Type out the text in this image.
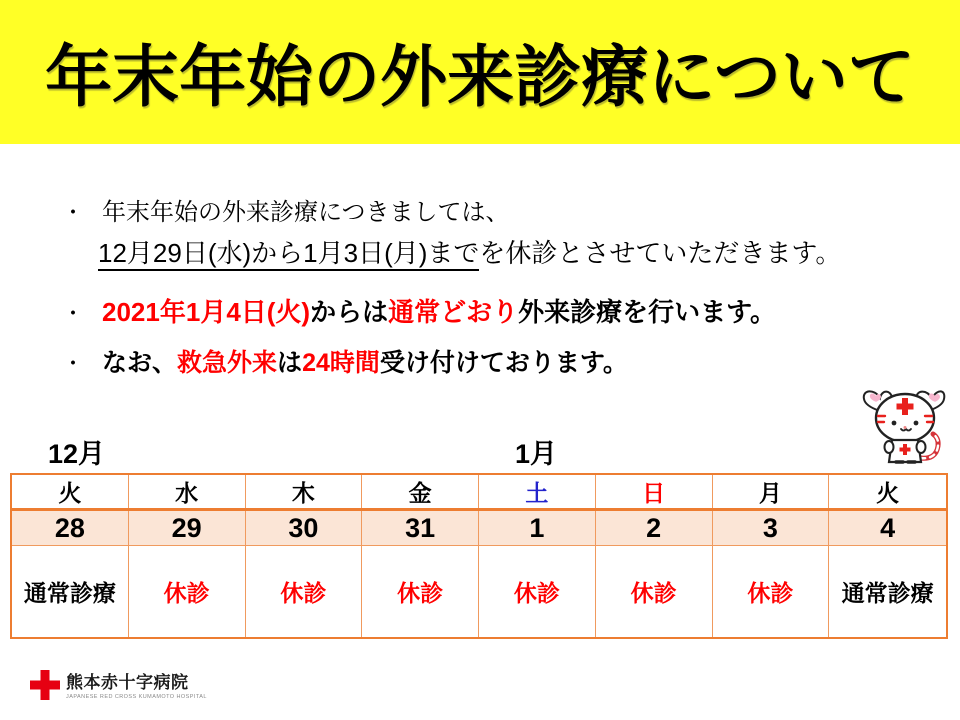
年末年始の外来診療について
・ 年末年始の外来診療につきましては、
12月29日(水)から1月3日(月)までを休診とさせていただきます。
・ 2021年1月4日(火)からは通常どおり外来診療を行います。
・ なお、救急外来は24時間受け付けております。
12月	1月
火	水	木	金	土	日	月	火
28	29	30	31	1	2	3	4
通常診療	休診	休診	休診	休診	休診	休診	通常診療
熊本赤十字病院
JAPANESE RED CROSS KUMAMOTO HOSPITAL
